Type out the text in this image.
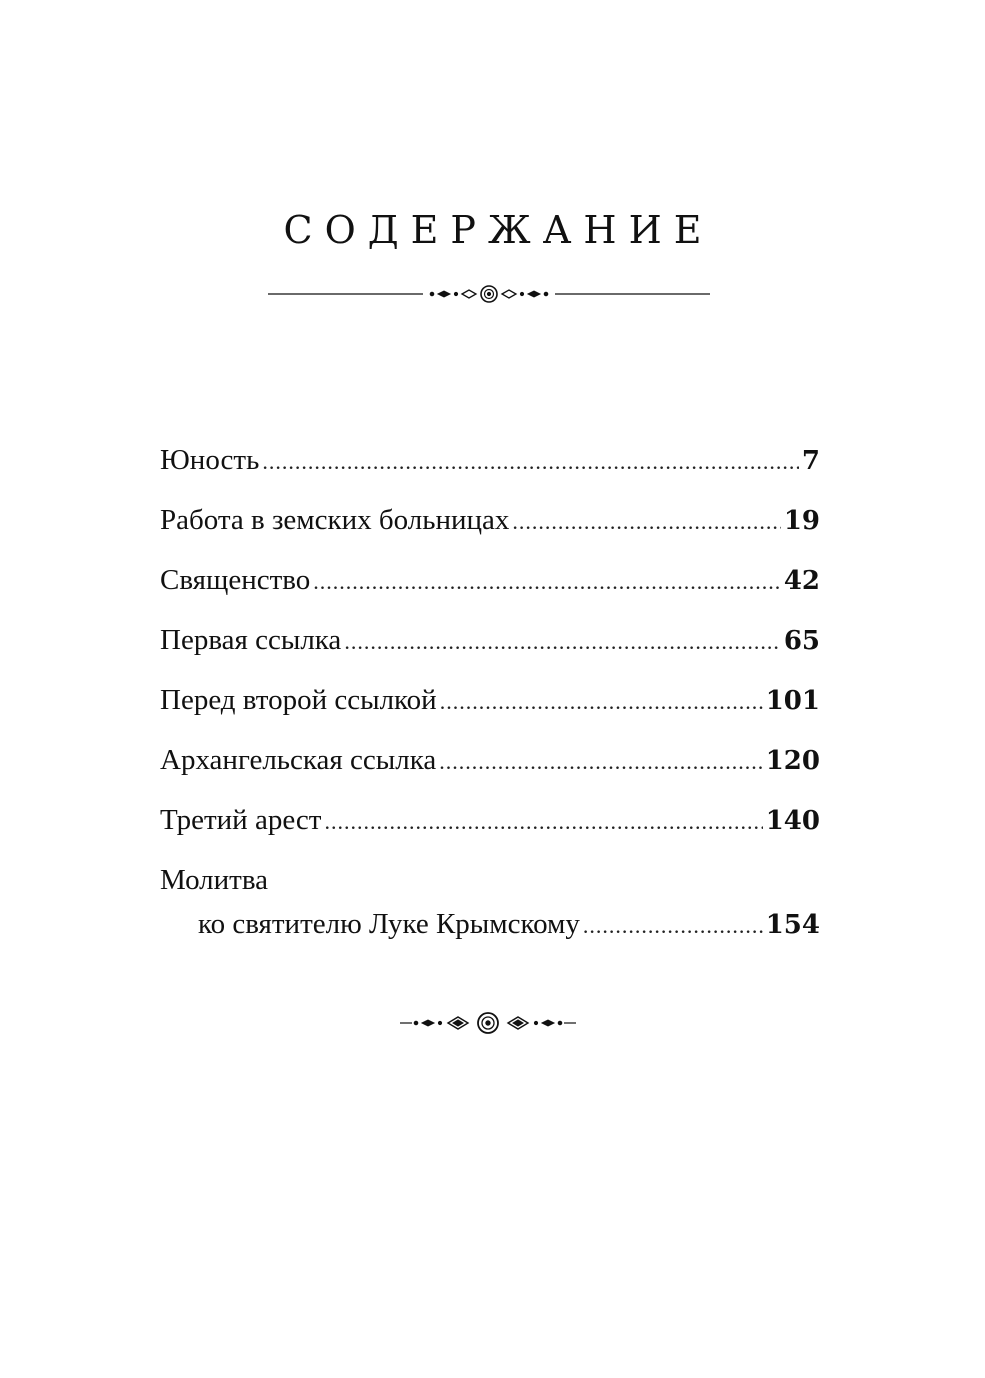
СОДЕРЖАНИЕ
Юность .....	7
Работа в земских больницах .....	19
Священство .....	42
Первая ссылка .....	65
Перед второй ссылкой .....	101
Архангельская ссылка .....	120
Третий арест .....	140
Молитва
ко святителю Луке Крымскому .....	154
